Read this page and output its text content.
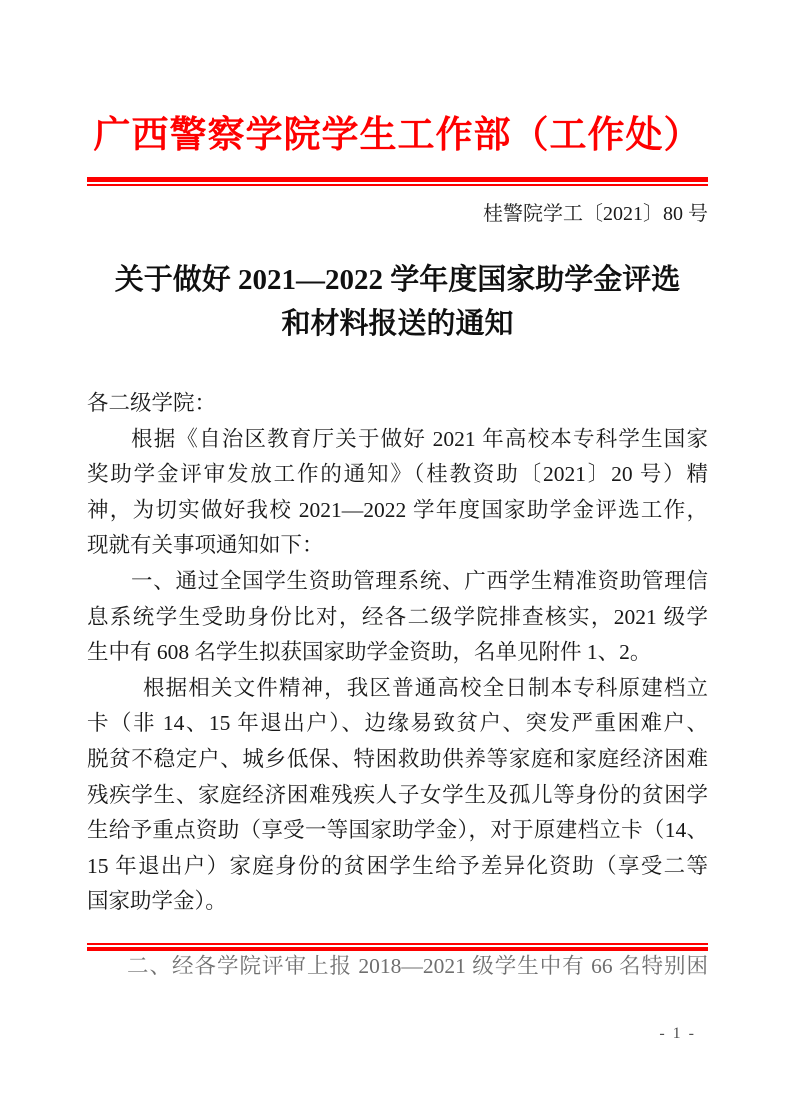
广西警察学院学生工作部（工作处）
桂警院学工〔2021〕80 号
关于做好 2021—2022 学年度国家助学金评选
和材料报送的通知
各二级学院：
根据《自治区教育厅关于做好 2021 年高校本专科学生国家
奖助学金评审发放工作的通知》（桂教资助〔2021〕20 号）精
神，为切实做好我校 2021—2022 学年度国家助学金评选工作，
现就有关事项通知如下：
一、通过全国学生资助管理系统、广西学生精准资助管理信
息系统学生受助身份比对，经各二级学院排查核实，2021 级学
生中有 608 名学生拟获国家助学金资助，名单见附件 1、2。
根据相关文件精神，我区普通高校全日制本专科原建档立
卡（非 14、15 年退出户）、边缘易致贫户、突发严重困难户、
脱贫不稳定户、城乡低保、特困救助供养等家庭和家庭经济困难
残疾学生、家庭经济困难残疾人子女学生及孤儿等身份的贫困学
生给予重点资助（享受一等国家助学金），对于原建档立卡（14、
15 年退出户）家庭身份的贫困学生给予差异化资助（享受二等
国家助学金）。
二、经各学院评审上报 2018—2021 级学生中有 66 名特别困
- 1 -
